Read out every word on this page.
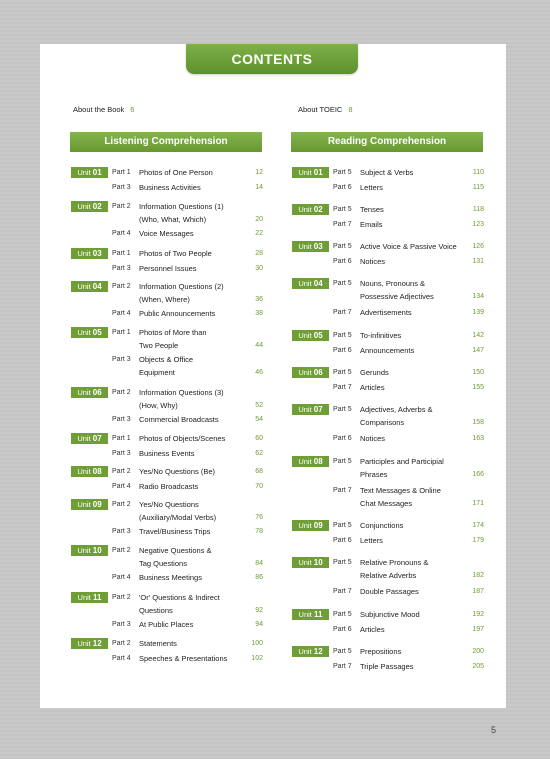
CONTENTS
About the Book 6	About TOEIC 8
Listening Comprehension	Reading Comprehension
Unit 01	Part 1 Photos of One Person	12
Part 3 Business Activities	14
Unit 02	Part 2 Information Questions (1)
(Who, What, Which)	20
Part 4 Voice Messages	22
Unit 03	Part 1 Photos of Two People	28
Part 3 Personnel Issues	30
Unit 04	Part 2 Information Questions (2)
(When, Where)	36
Part 4 Public Announcements	38
Unit 05	Part 1 Photos of More than
Two People	44
Part 3 Objects & Office
Equipment	46
Unit 06	Part 2 Information Questions (3)
(How, Why)	52
Part 3 Commercial Broadcasts	54
Unit 07	Part 1 Photos of Objects/Scenes	60
Part 3 Business Events	62
Unit 08	Part 2 Yes/No Questions (Be)	68
Part 4 Radio Broadcasts	70
Unit 09	Part 2 Yes/No Questions
(Auxiliary/Modal Verbs)	76
Part 3 Travel/Business Trips	78
Unit 10	Part 2 Negative Questions &
Tag Questions	84
Part 4 Business Meetings	86
Unit 11	Part 2 'Or' Questions & Indirect
Questions	92
Part 3 At Public Places	94
Unit 12	Part 2 Statements	100
Part 4 Speeches & Presentations	102
Unit 01	Part 5 Subject & Verbs	110
Part 6 Letters	115
Unit 02	Part 5 Tenses	118
Part 7 Emails	123
Unit 03	Part 5 Active Voice & Passive Voice	126
Part 6 Notices	131
Unit 04	Part 5 Nouns, Pronouns &
Possessive Adjectives	134
Part 7 Advertisements	139
Unit 05	Part 5 To-infinitives	142
Part 6 Announcements	147
Unit 06	Part 5 Gerunds	150
Part 7 Articles	155
Unit 07	Part 5 Adjectives, Adverbs &
Comparisons	158
Part 6 Notices	163
Unit 08	Part 5 Participles and Participial
Phrases	166
Part 7 Text Messages & Online
Chat Messages	171
Unit 09	Part 5 Conjunctions	174
Part 6 Letters	179
Unit 10	Part 5 Relative Pronouns &
Relative Adverbs	182
Part 7 Double Passages	187
Unit 11	Part 5 Subjunctive Mood	192
Part 6 Articles	197
Unit 12	Part 5 Prepositions	200
Part 7 Triple Passages	205
5
